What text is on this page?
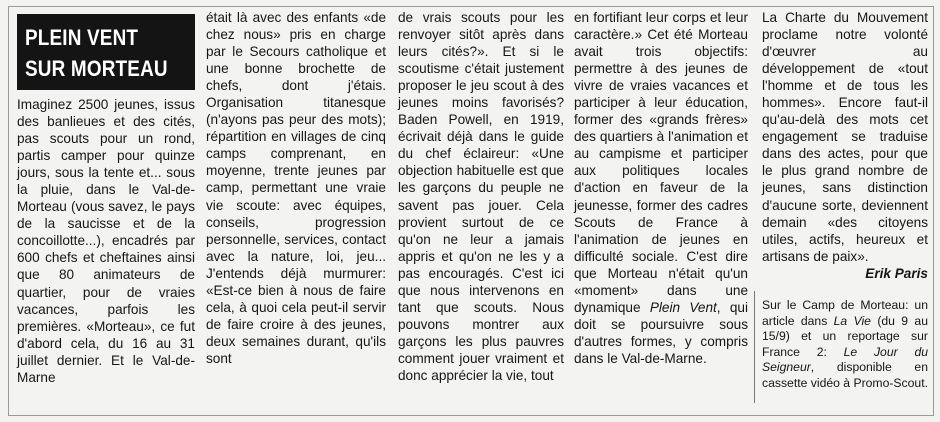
PLEIN VENT
SUR MORTEAU

Imaginez 2500 jeunes, issus des banlieues et des cités, pas scouts pour un rond, partis camper pour quinze jours, sous la tente et... sous la pluie, dans le Val-de-Morteau (vous savez, le pays de la saucisse et de la concoillotte...), encadrés par 600 chefs et cheftaines ainsi que 80 animateurs de quartier, pour de vraies vacances, parfois les premières. «Morteau», ce fut d'abord cela, du 16 au 31 juillet dernier. Et le Val-de-Marne

était là avec des enfants «de chez nous» pris en charge par le Secours catholique et une bonne brochette de chefs, dont j'étais. Organisation titanesque (n'ayons pas peur des mots); répartition en villages de cinq camps comprenant, en moyenne, trente jeunes par camp, permettant une vraie vie scoute: avec équipes, conseils, progression personnelle, services, contact avec la nature, loi, jeu... J'entends déjà murmurer: «Est-ce bien à nous de faire cela, à quoi cela peut-il servir de faire croire à des jeunes, deux semaines durant, qu'ils sont

de vrais scouts pour les renvoyer sitôt après dans leurs cités?». Et si le scoutisme c'était justement proposer le jeu scout à des jeunes moins favorisés? Baden Powell, en 1919, écrivait déjà dans le guide du chef éclaireur: «Une objection habituelle est que les garçons du peuple ne savent pas jouer. Cela provient surtout de ce qu'on ne leur a jamais appris et qu'on ne les y a pas encouragés. C'est ici que nous intervenons en tant que scouts. Nous pouvons montrer aux garçons les plus pauvres comment jouer vraiment et donc apprécier la vie, tout

en fortifiant leur corps et leur caractère.» Cet été Morteau avait trois objectifs: permettre à des jeunes de vivre de vraies vacances et participer à leur éducation, former des «grands frères» des quartiers à l'animation et au campisme et participer aux politiques locales d'action en faveur de la jeunesse, former des cadres Scouts de France à l'animation de jeunes en difficulté sociale. C'est dire que Morteau n'était qu'un «moment» dans une dynamique Plein Vent, qui doit se poursuivre sous d'autres formes, y compris dans le Val-de-Marne.

La Charte du Mouvement proclame notre volonté d'œuvrer au développement de «tout l'homme et de tous les hommes». Encore faut-il qu'au-delà des mots cet engagement se traduise dans des actes, pour que le plus grand nombre de jeunes, sans distinction d'aucune sorte, deviennent demain «des citoyens utiles, actifs, heureux et artisans de paix».

Erik Paris

Sur le Camp de Morteau: un article dans La Vie (du 9 au 15/9) et un reportage sur France 2: Le Jour du Seigneur, disponible en cassette vidéo à Promo-Scout.
